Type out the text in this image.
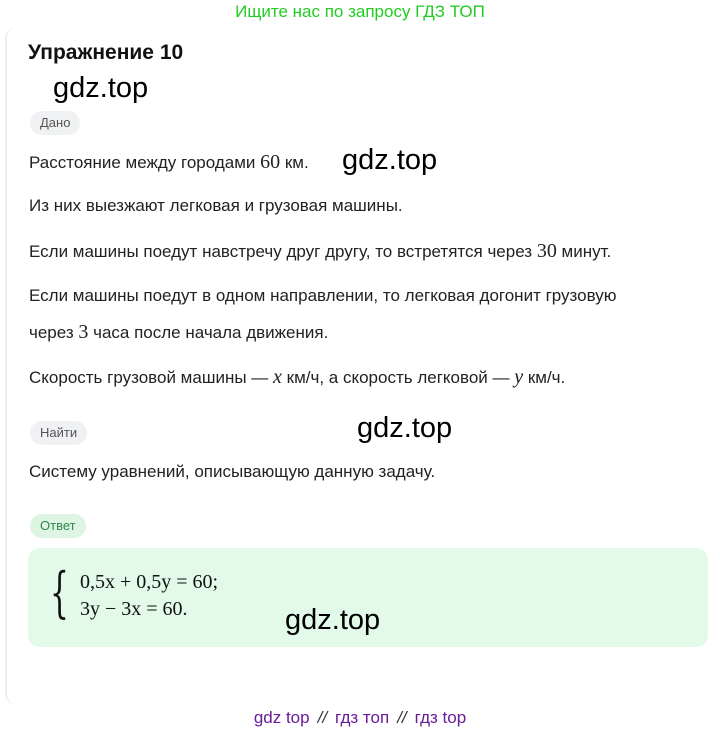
Ищите нас по запросу ГДЗ ТОП
Упражнение 10
gdz.top
Дано
Расстояние между городами 60 км. gdz.top
Из них выезжают легковая и грузовая машины.
Если машины поедут навстречу друг другу, то встретятся через 30 минут.
Если машины поедут в одном направлении, то легковая догонит грузовую
через 3 часа после начала движения.
Скорость грузовой машины — x км/ч, а скорость легковой — y км/ч.
Найти	gdz.top
Систему уравнений, описывающую данную задачу.
Ответ
{ 0,5x + 0,5y = 60;
3y − 3x = 60.	gdz.top
gdz top // гдз топ // гдз top
